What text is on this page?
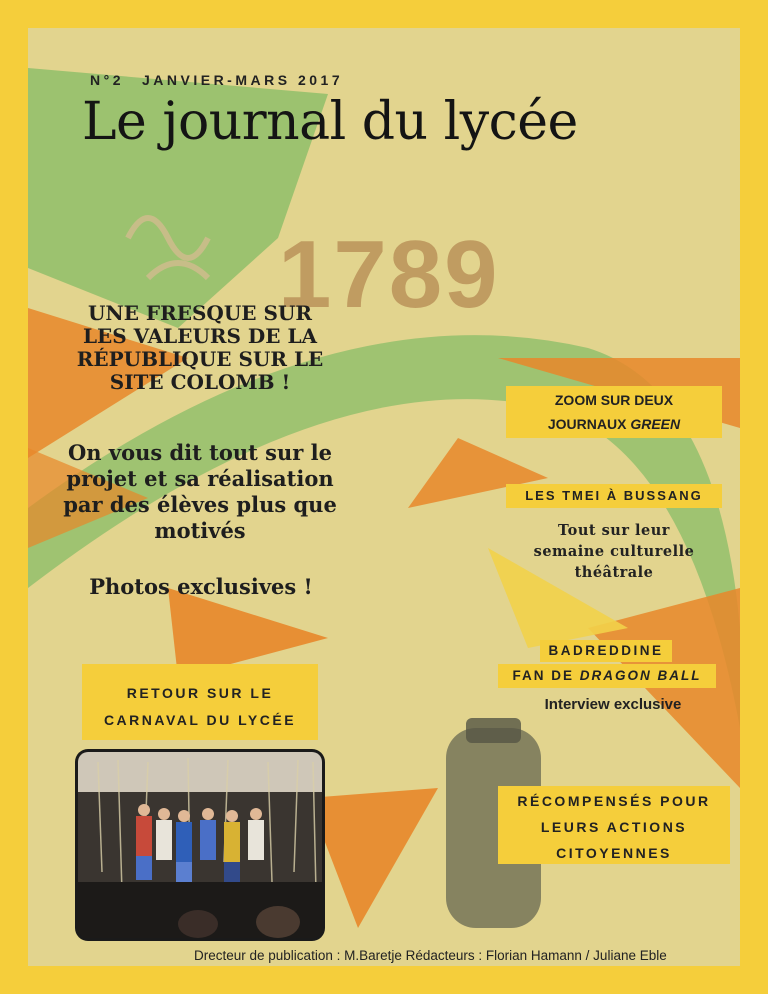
1789
N°2 JANVIER-MARS 2017
Le journal du lycée
UNE FRESQUE SUR
LES VALEURS DE LA
RÉPUBLIQUE SUR LE
SITE COLOMB !
On vous dit tout sur le
projet et sa réalisation
par des élèves plus que
motivés
Photos exclusives !
ZOOM SUR DEUX
JOURNAUX GREEN
LES TMEI À BUSSANG
Tout sur leur
semaine culturelle
théâtrale
BADREDDINE
FAN DE DRAGON BALL
Interview exclusive
RÉCOMPENSÉS POUR
LEURS ACTIONS
CITOYENNES
RETOUR SUR LE
CARNAVAL DU LYCÉE
Drecteur de publication : M.Baretje Rédacteurs : Florian Hamann / Juliane Eble
